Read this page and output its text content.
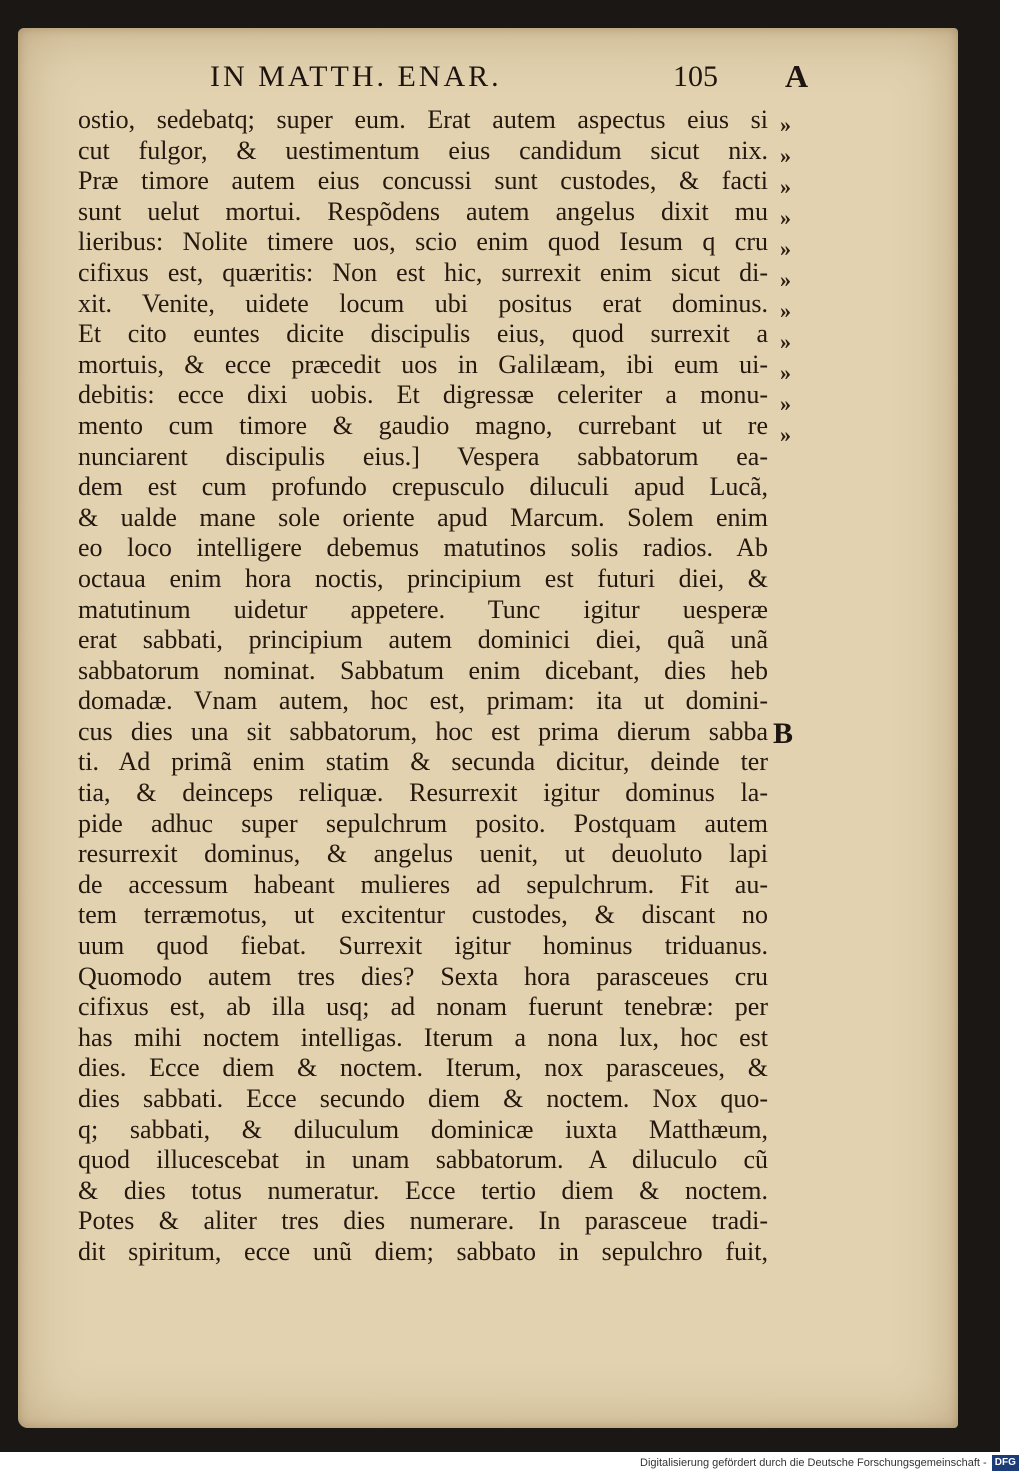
IN MATTH. ENAR.	105 A
ostio, sedebatq; super eum. Erat autem aspectus eius si
cut fulgor, & uestimentum eius candidum sicut nix.
Præ timore autem eius concussi sunt custodes, & facti
sunt uelut mortui. Respõdens autem angelus dixit mu
lieribus: Nolite timere uos, scio enim quod Iesum q cru
cifixus est, quæritis: Non est hic, surrexit enim sicut di-
xit. Venite, uidete locum ubi positus erat dominus.
Et cito euntes dicite discipulis eius, quod surrexit a
mortuis, & ecce præcedit uos in Galilæam, ibi eum ui-
debitis: ecce dixi uobis. Et digressæ celeriter a monu-
mento cum timore & gaudio magno, currebant ut re
nunciarent discipulis eius.] Vespera sabbatorum ea-
dem est cum profundo crepusculo diluculi apud Lucã,
& ualde mane sole oriente apud Marcum. Solem enim
eo loco intelligere debemus matutinos solis radios. Ab
octaua enim hora noctis, principium est futuri diei, &
matutinum uidetur appetere. Tunc igitur uesperæ
erat sabbati, principium autem dominici diei, quã unã
sabbatorum nominat. Sabbatum enim dicebant, dies heb
domadæ. Vnam autem, hoc est, primam: ita ut domini-
cus dies una sit sabbatorum, hoc est prima dierum sabba
ti. Ad primã enim statim & secunda dicitur, deinde ter
tia, & deinceps reliquæ. Resurrexit igitur dominus la-
pide adhuc super sepulchrum posito. Postquam autem
resurrexit dominus, & angelus uenit, ut deuoluto lapi
de accessum habeant mulieres ad sepulchrum. Fit au-
tem terræmotus, ut excitentur custodes, & discant no
uum quod fiebat. Surrexit igitur hominus triduanus.
Quomodo autem tres dies? Sexta hora parasceues cru
cifixus est, ab illa usq; ad nonam fuerunt tenebræ: per
has mihi noctem intelligas. Iterum a nona lux, hoc est
dies. Ecce diem & noctem. Iterum, nox parasceues, &
dies sabbati. Ecce secundo diem & noctem. Nox quo-
q; sabbati, & diluculum dominicæ iuxta Matthæum,
quod illucescebat in unam sabbatorum. A diluculo cũ
& dies totus numeratur. Ecce tertio diem & noctem.
Potes & aliter tres dies numerare. In parasceue tradi-
dit spiritum, ecce unũ diem; sabbato in sepulchro fuit,
»
»
»
»
»
»
»
»
»
»
»
B
Digitalisierung gefördert durch die Deutsche Forschungsgemeinschaft - DFG
